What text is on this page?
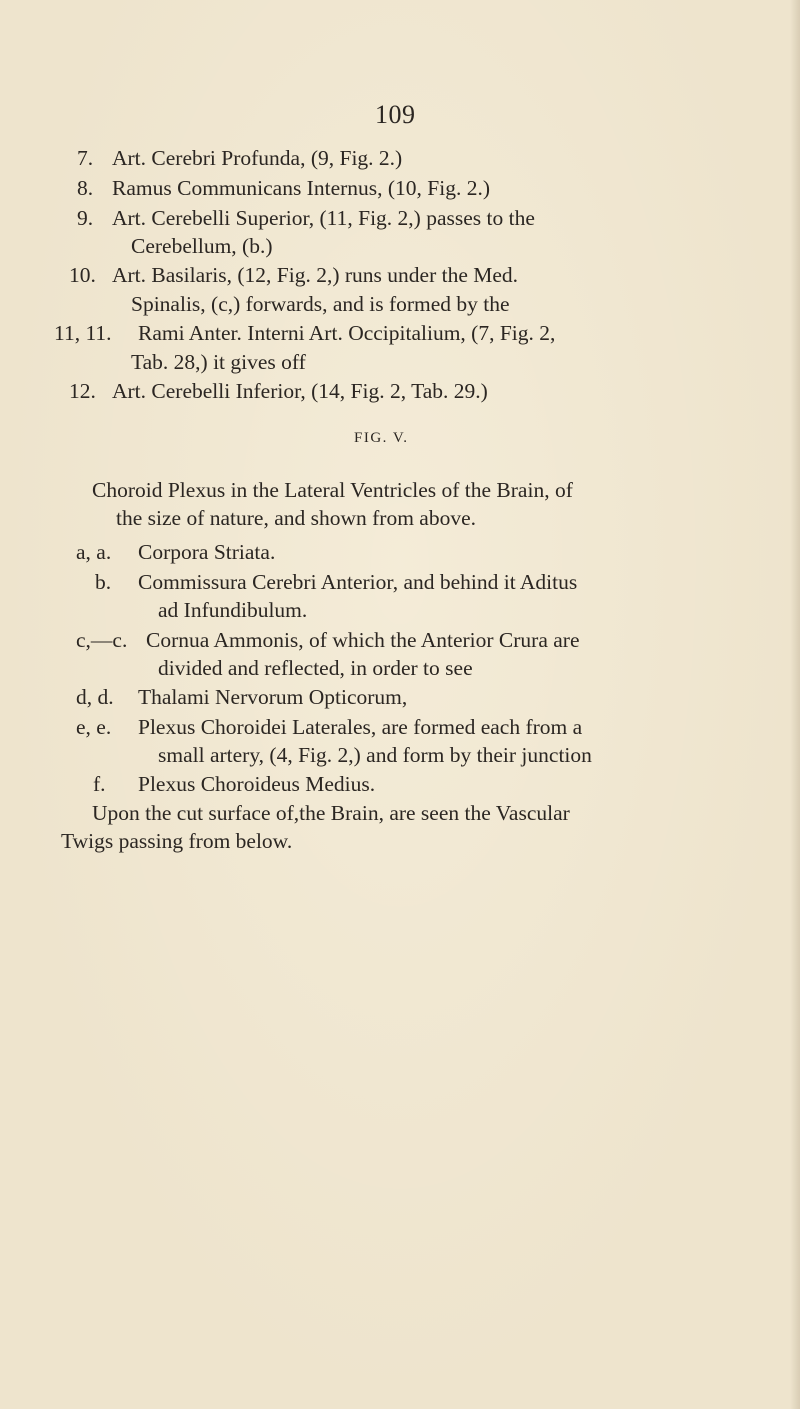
109
7. Art. Cerebri Profunda, (9, Fig. 2.)
8. Ramus Communicans Internus, (10, Fig. 2.)
9. Art. Cerebelli Superior, (11, Fig. 2,) passes to the
Cerebellum, (b.)
10. Art. Basilaris, (12, Fig. 2,) runs under the Med.
Spinalis, (c,) forwards, and is formed by the
11, 11. Rami Anter. Interni Art. Occipitalium, (7, Fig. 2,
Tab. 28,) it gives off
12. Art. Cerebelli Inferior, (14, Fig. 2, Tab. 29.)
FIG. V.
Choroid Plexus in the Lateral Ventricles of the Brain, of
the size of nature, and shown from above.
a, a. Corpora Striata.
b. Commissura Cerebri Anterior, and behind it Aditus
ad Infundibulum.
c,—c. Cornua Ammonis, of which the Anterior Crura are
divided and reflected, in order to see
d, d. Thalami Nervorum Opticorum,
e, e. Plexus Choroidei Laterales, are formed each from a
small artery, (4, Fig. 2,) and form by their junction
f. Plexus Choroideus Medius.
Upon the cut surface of,the Brain, are seen the Vascular
Twigs passing from below.
